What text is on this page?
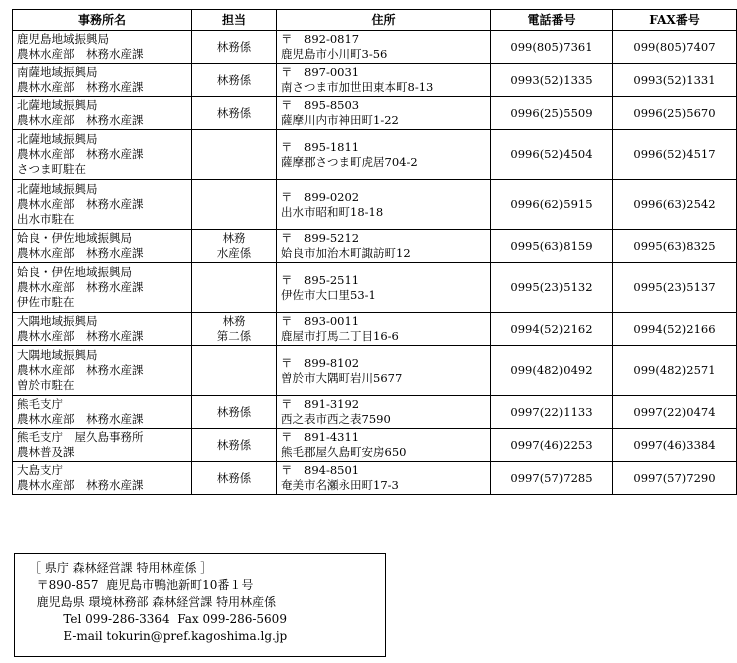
事務所名	担当	住所	電話番号	FAX番号

鹿児島地域振興局
農林水産部　林務水産課	林務係	〒　892-0817
鹿児島市小川町3-56	099(805)7361	099(805)7407

南薩地域振興局
農林水産部　林務水産課	林務係	〒　897-0031
南さつま市加世田東本町8-13	0993(52)1335	0993(52)1331

北薩地域振興局
農林水産部　林務水産課	林務係	〒　895-8503
薩摩川内市神田町1-22	0996(25)5509	0996(25)5670

北薩地域振興局
農林水産部　林務水産課
さつま町駐在		〒　895-1811
薩摩郡さつま町虎居704-2	0996(52)4504	0996(52)4517

北薩地域振興局
農林水産部　林務水産課
出水市駐在		〒　899-0202
出水市昭和町18-18	0996(62)5915	0996(63)2542

姶良・伊佐地域振興局
農林水産部　林務水産課	林務
水産係	〒　899-5212
姶良市加治木町諏訪町12	0995(63)8159	0995(63)8325

姶良・伊佐地域振興局
農林水産部　林務水産課
伊佐市駐在		〒　895-2511
伊佐市大口里53-1	0995(23)5132	0995(23)5137

大隅地域振興局
農林水産部　林務水産課	林務
第二係	〒　893-0011
鹿屋市打馬二丁目16-6	0994(52)2162	0994(52)2166

大隅地域振興局
農林水産部　林務水産課
曽於市駐在		〒　899-8102
曽於市大隅町岩川5677	099(482)0492	099(482)2571

熊毛支庁
農林水産部　林務水産課	林務係	〒　891-3192
西之表市西之表7590	0997(22)1133	0997(22)0474

熊毛支庁　屋久島事務所
農林普及課	林務係	〒　891-4311
熊毛郡屋久島町安房650	0997(46)2253	0997(46)3384

大島支庁
農林水産部　林務水産課	林務係	〒　894-8501
奄美市名瀬永田町17-3	0997(57)7285	0997(57)7290
［ 県庁 森林経営課 特用林産係 ］
〒890-857  鹿児島市鴨池新町10番１号
鹿児島県 環境林務部 森林経営課 特用林産係
Tel 099-286-3364  Fax 099-286-5609
E-mail tokurin@pref.kagoshima.lg.jp
